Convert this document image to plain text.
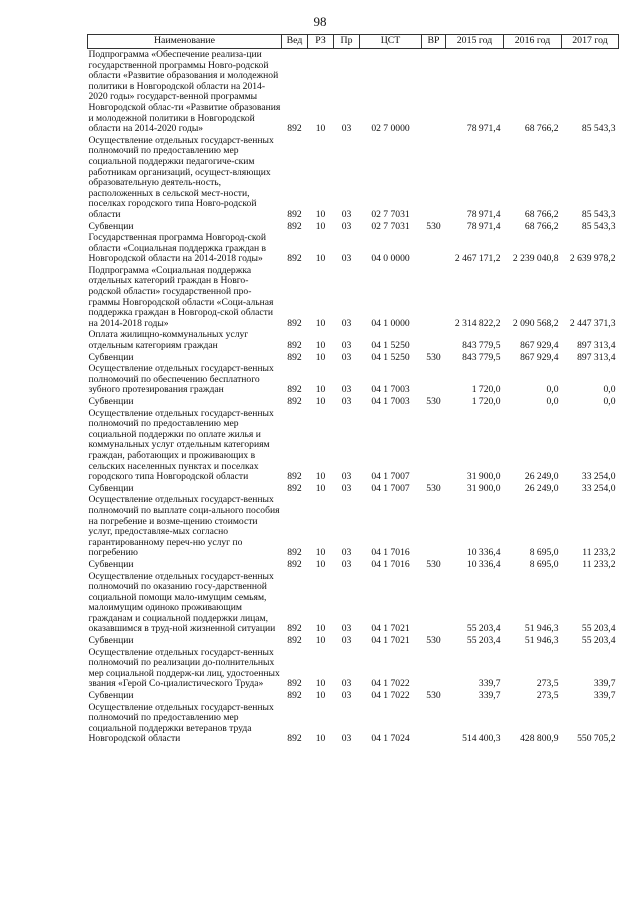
98
Наименование	Вед	РЗ	Пр	ЦСТ	ВР	2015 год	2016 год	2017 год
Подпрограмма «Обеспечение реализа-ции государственной программы Новго-родской области «Развитие образования и молодежной политики в Новгородской области на 2014-2020 годы» государст-венной программы Новгородской облас-ти «Развитие образования и молодежной политики в Новгородской области на 2014-2020 годы»	892	10	03	02 7 0000		78 971,4	68 766,2	85 543,3
Осуществление отдельных государст-венных полномочий по предоставлению мер социальной поддержки педагогиче-ским работникам организаций, осущест-вляющих образовательную деятель-ность, расположенных в сельской мест-ности, поселках городского типа Новго-родской области	892	10	03	02 7 7031		78 971,4	68 766,2	85 543,3
Субвенции	892	10	03	02 7 7031	530	78 971,4	68 766,2	85 543,3
Государственная программа Новгород-ской области «Социальная поддержка граждан в Новгородской области на 2014-2018 годы»	892	10	03	04 0 0000		2 467 171,2	2 239 040,8	2 639 978,2
Подпрограмма «Социальная поддержка отдельных категорий граждан в Новго-родской области» государственной про-граммы Новгородской области «Соци-альная поддержка граждан в Новгород-ской области на 2014-2018 годы»	892	10	03	04 1 0000		2 314 822,2	2 090 568,2	2 447 371,3
Оплата жилищно-коммунальных услуг отдельным категориям граждан	892	10	03	04 1 5250		843 779,5	867 929,4	897 313,4
Субвенции	892	10	03	04 1 5250	530	843 779,5	867 929,4	897 313,4
Осуществление отдельных государст-венных полномочий по обеспечению бесплатного зубного протезирования граждан	892	10	03	04 1 7003		1 720,0	0,0	0,0
Субвенции	892	10	03	04 1 7003	530	1 720,0	0,0	0,0
Осуществление отдельных государст-венных полномочий по предоставлению мер социальной поддержки по оплате жилья и коммунальных услуг отдельным категориям граждан, работающих и проживающих в сельских населенных пунктах и поселках городского типа Новгородской области	892	10	03	04 1 7007		31 900,0	26 249,0	33 254,0
Субвенции	892	10	03	04 1 7007	530	31 900,0	26 249,0	33 254,0
Осуществление отдельных государст-венных полномочий по выплате соци-ального пособия на погребение и возме-щению стоимости услуг, предоставляе-мых согласно гарантированному переч-ню услуг по погребению	892	10	03	04 1 7016		10 336,4	8 695,0	11 233,2
Субвенции	892	10	03	04 1 7016	530	10 336,4	8 695,0	11 233,2
Осуществление отдельных государст-венных полномочий по оказанию госу-дарственной социальной помощи мало-имущим семьям, малоимущим одиноко проживающим гражданам и социальной поддержки лицам, оказавшимся в труд-ной жизненной ситуации	892	10	03	04 1 7021		55 203,4	51 946,3	55 203,4
Субвенции	892	10	03	04 1 7021	530	55 203,4	51 946,3	55 203,4
Осуществление отдельных государст-венных полномочий по реализации до-полнительных мер социальной поддерж-ки лиц, удостоенных звания «Герой Со-циалистического Труда»	892	10	03	04 1 7022		339,7	273,5	339,7
Субвенции	892	10	03	04 1 7022	530	339,7	273,5	339,7
Осуществление отдельных государст-венных полномочий по предоставлению мер социальной поддержки ветеранов труда Новгородской области	892	10	03	04 1 7024		514 400,3	428 800,9	550 705,2
